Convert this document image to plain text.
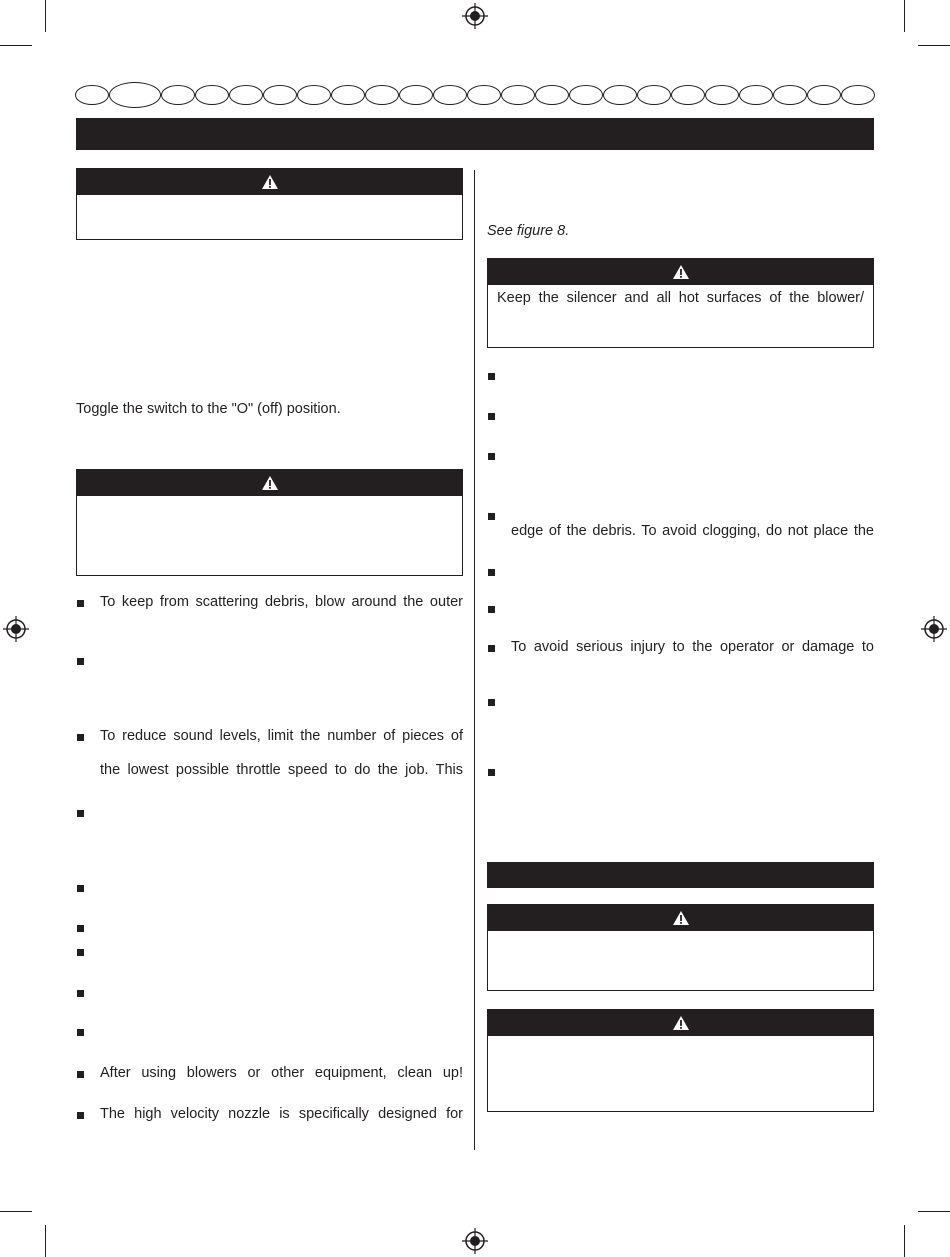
Toggle the switch to the "O" (off) position.
To keep from scattering debris, blow around the outer
To reduce sound levels, limit the number of pieces of
the lowest possible throttle speed to do the job. This
After using blowers or other equipment, clean up!
The high velocity nozzle is specifically designed for
See figure 8.
Keep the silencer and all hot surfaces of the blower/
edge of the debris. To avoid clogging, do not place the
To avoid serious injury to the operator or damage to
